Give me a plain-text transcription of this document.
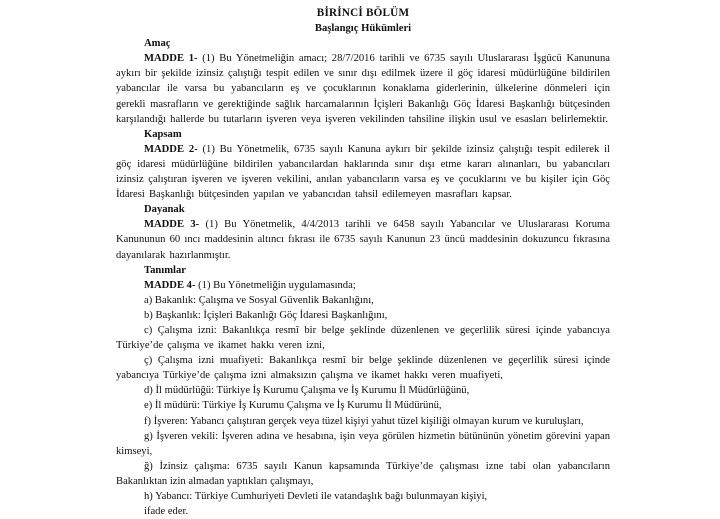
BİRİNCİ BÖLÜM
Başlangıç Hükümleri
Amaç
MADDE 1- (1) Bu Yönetmeliğin amacı; 28/7/2016 tarihli ve 6735 sayılı Uluslararası İşgücü Kanununa aykırı bir şekilde izinsiz çalıştığı tespit edilen ve sınır dışı edilmek üzere il göç idaresi müdürlüğüne bildirilen yabancılar ile varsa bu yabancıların eş ve çocuklarının konaklama giderlerinin, ülkelerine dönmeleri için gerekli masrafların ve gerektiğinde sağlık harcamalarının İçişleri Bakanlığı Göç İdaresi Başkanlığı bütçesinden karşılandığı hallerde bu tutarların işveren veya işveren vekilinden tahsiline ilişkin usul ve esasları belirlemektir.
Kapsam
MADDE 2- (1) Bu Yönetmelik, 6735 sayılı Kanuna aykırı bir şekilde izinsiz çalıştığı tespit edilerek il göç idaresi müdürlüğüne bildirilen yabancılardan haklarında sınır dışı etme kararı alınanları, bu yabancıları izinsiz çalıştıran işveren ve işveren vekilini, anılan yabancıların varsa eş ve çocuklarını ve bu kişiler için Göç İdaresi Başkanlığı bütçesinden yapılan ve yabancıdan tahsil edilemeyen masrafları kapsar.
Dayanak
MADDE 3- (1) Bu Yönetmelik, 4/4/2013 tarihli ve 6458 sayılı Yabancılar ve Uluslararası Koruma Kanununun 60 ıncı maddesinin altıncı fıkrası ile 6735 sayılı Kanunun 23 üncü maddesinin dokuzuncu fıkrasına dayanılarak hazırlanmıştır.
Tanımlar
MADDE 4- (1) Bu Yönetmeliğin uygulamasında;
a) Bakanlık: Çalışma ve Sosyal Güvenlik Bakanlığını,
b) Başkanlık: İçişleri Bakanlığı Göç İdaresi Başkanlığını,
c) Çalışma izni: Bakanlıkça resmî bir belge şeklinde düzenlenen ve geçerlilik süresi içinde yabancıya Türkiye’de çalışma ve ikamet hakkı veren izni,
ç) Çalışma izni muafiyeti: Bakanlıkça resmî bir belge şeklinde düzenlenen ve geçerlilik süresi içinde yabancıya Türkiye’de çalışma izni almaksızın çalışma ve ikamet hakkı veren muafiyeti,
d) İl müdürlüğü: Türkiye İş Kurumu Çalışma ve İş Kurumu İl Müdürlüğünü,
e) İl müdürü: Türkiye İş Kurumu Çalışma ve İş Kurumu İl Müdürünü,
f) İşveren: Yabancı çalıştıran gerçek veya tüzel kişiyi yahut tüzel kişiliği olmayan kurum ve kuruluşları,
g) İşveren vekili: İşveren adına ve hesabına, işin veya görülen hizmetin bütününün yönetim görevini yapan kimseyi,
ğ) İzinsiz çalışma: 6735 sayılı Kanun kapsamında Türkiye’de çalışması izne tabi olan yabancıların Bakanlıktan izin almadan yaptıkları çalışmayı,
h) Yabancı: Türkiye Cumhuriyeti Devleti ile vatandaşlık bağı bulunmayan kişiyi,
ifade eder.
